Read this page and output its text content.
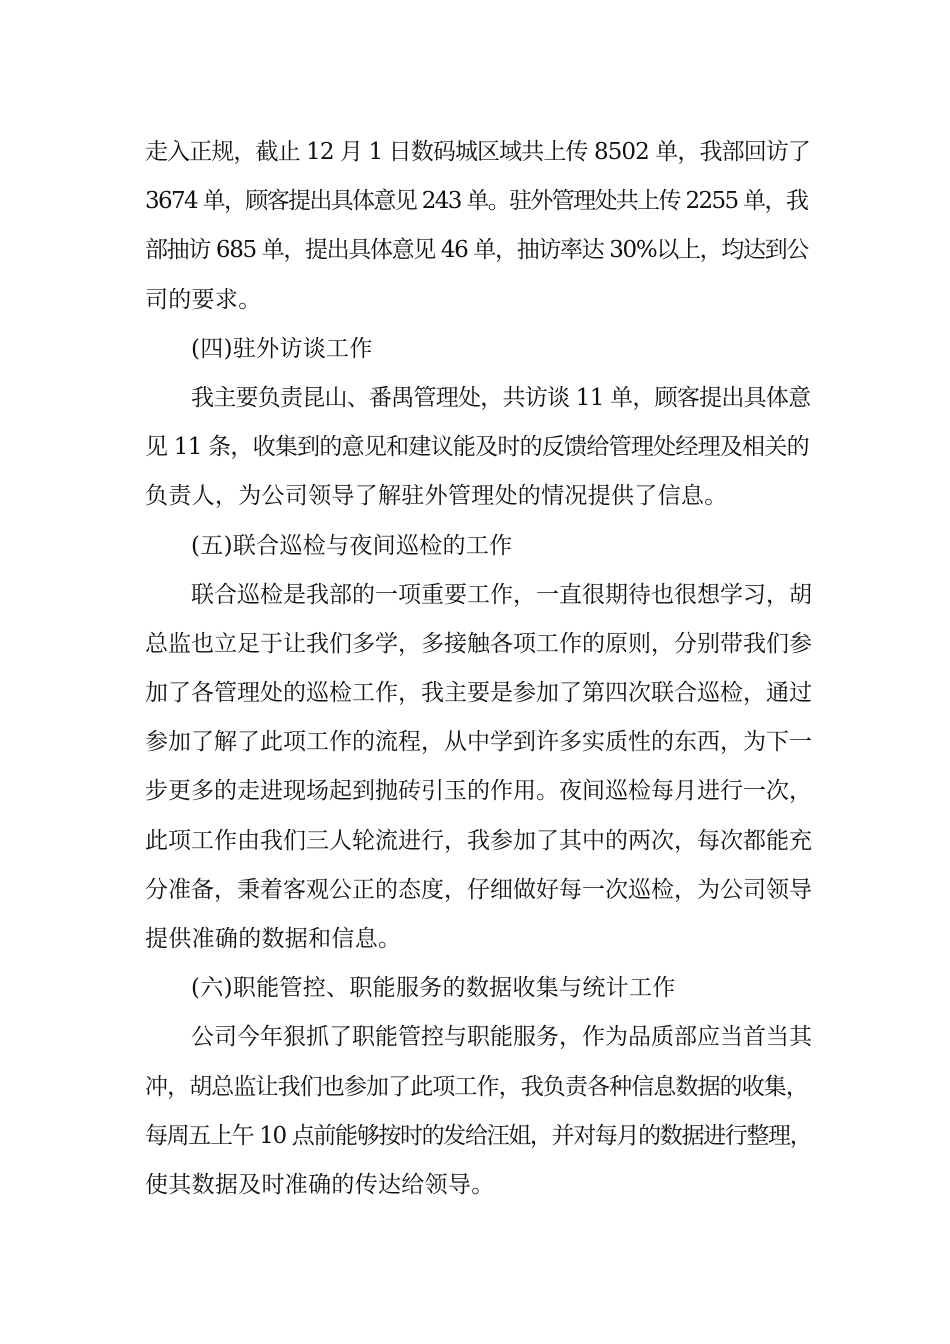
走入正规，截止 12 月 1 日数码城区域共上传 8502 单，我部回访了
3674 单，顾客提出具体意见 243 单。驻外管理处共上传 2255 单，我
部抽访 685 单，提出具体意见 46 单，抽访率达 30%以上，均达到公
司的要求。
(四)驻外访谈工作
我主要负责昆山、番禺管理处，共访谈 11 单，顾客提出具体意
见 11 条，收集到的意见和建议能及时的反馈给管理处经理及相关的
负责人，为公司领导了解驻外管理处的情况提供了信息。
(五)联合巡检与夜间巡检的工作
联合巡检是我部的一项重要工作，一直很期待也很想学习，胡
总监也立足于让我们多学，多接触各项工作的原则，分别带我们参
加了各管理处的巡检工作，我主要是参加了第四次联合巡检，通过
参加了解了此项工作的流程，从中学到许多实质性的东西，为下一
步更多的走进现场起到抛砖引玉的作用。夜间巡检每月进行一次，
此项工作由我们三人轮流进行，我参加了其中的两次，每次都能充
分准备，秉着客观公正的态度，仔细做好每一次巡检，为公司领导
提供准确的数据和信息。
(六)职能管控、职能服务的数据收集与统计工作
公司今年狠抓了职能管控与职能服务，作为品质部应当首当其
冲，胡总监让我们也参加了此项工作，我负责各种信息数据的收集，
每周五上午 10 点前能够按时的发给汪姐，并对每月的数据进行整理，
使其数据及时准确的传达给领导。
